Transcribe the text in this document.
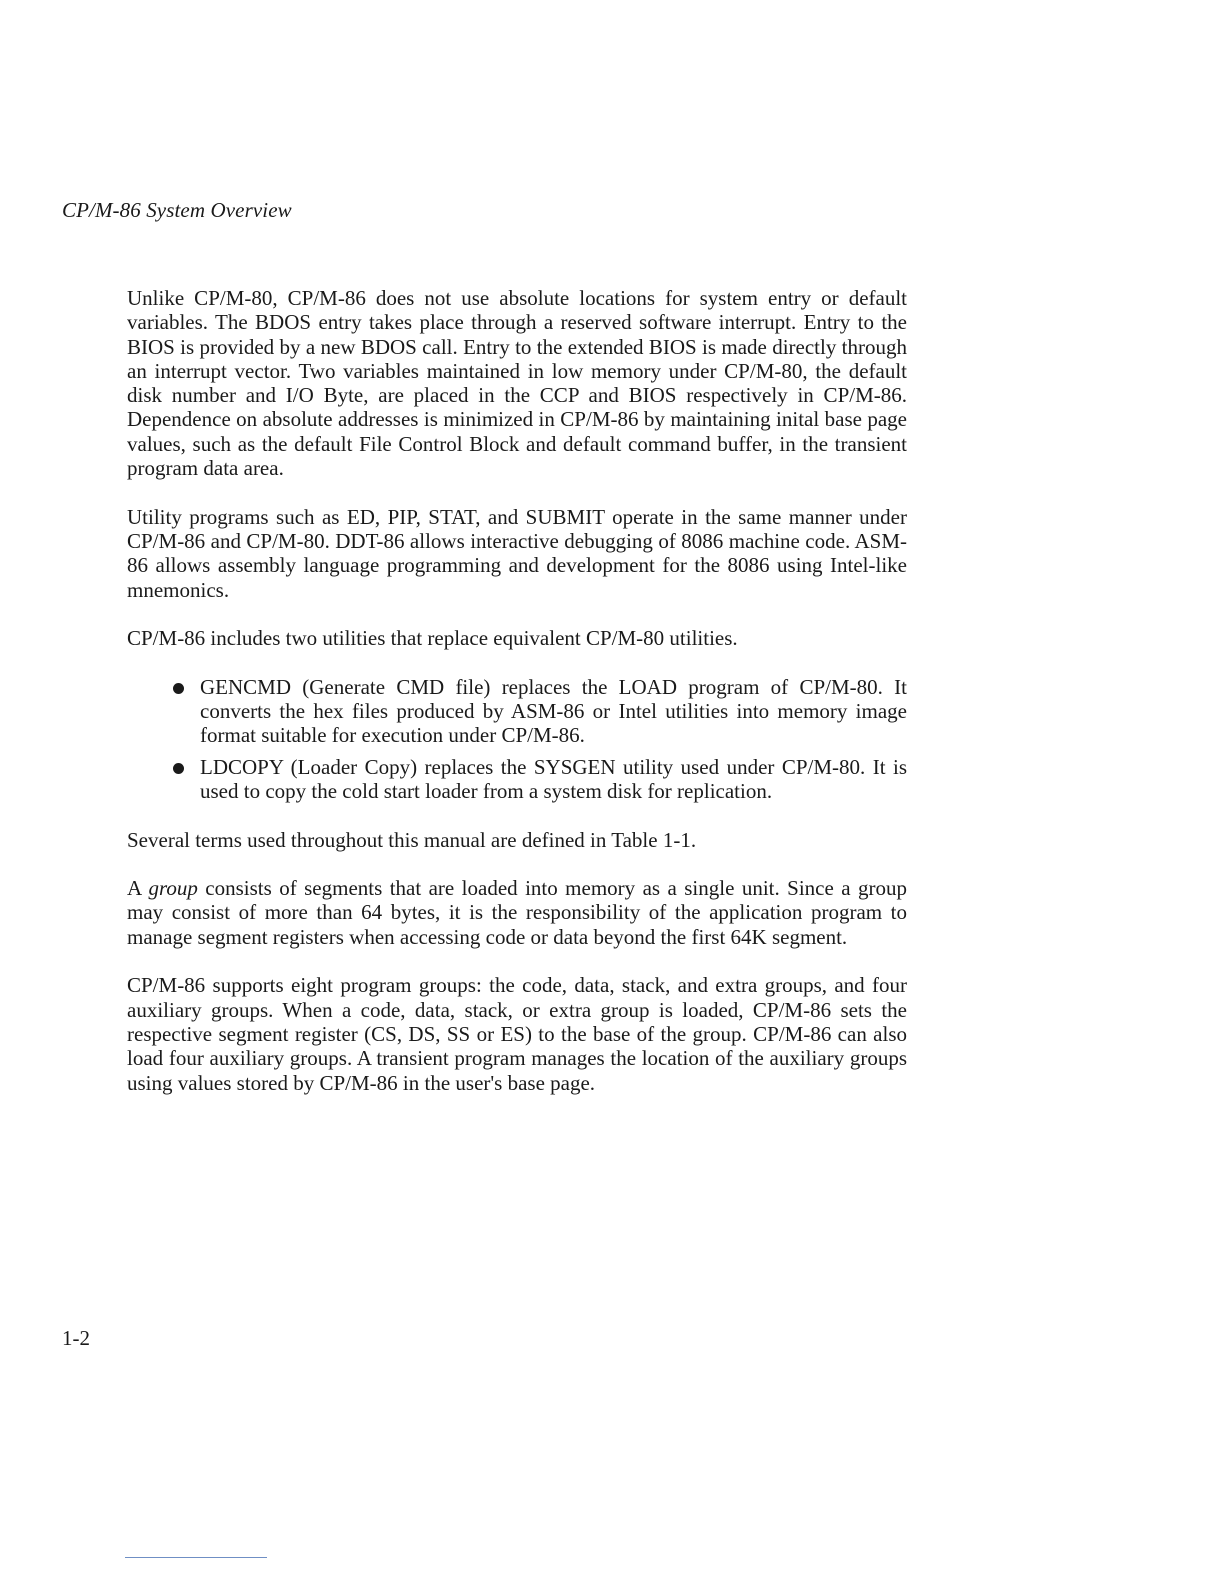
CP/M-86 System Overview

Unlike CP/M-80, CP/M-86 does not use absolute locations for system entry or default variables. The BDOS entry takes place through a reserved software interrupt. Entry to the BIOS is provided by a new BDOS call. Entry to the extended BIOS is made directly through an interrupt vector. Two variables maintained in low memory under CP/M-80, the default disk number and I/O Byte, are placed in the CCP and BIOS respectively in CP/M-86. Dependence on absolute addresses is minimized in CP/M-86 by maintaining inital base page values, such as the default File Control Block and default command buffer, in the transient program data area.

Utility programs such as ED, PIP, STAT, and SUBMIT operate in the same manner under CP/M-86 and CP/M-80. DDT-86 allows interactive debugging of 8086 machine code. ASM-86 allows assembly language programming and development for the 8086 using Intel-like mnemonics.

CP/M-86 includes two utilities that replace equivalent CP/M-80 utilities.

GENCMD (Generate CMD file) replaces the LOAD program of CP/M-80. It converts the hex files produced by ASM-86 or Intel utilities into memory image format suitable for execution under CP/M-86.
LDCOPY (Loader Copy) replaces the SYSGEN utility used under CP/M-80. It is used to copy the cold start loader from a system disk for replication.

Several terms used throughout this manual are defined in Table 1-1.

A group consists of segments that are loaded into memory as a single unit. Since a group may consist of more than 64 bytes, it is the responsibility of the application program to manage segment registers when accessing code or data beyond the first 64K segment.

CP/M-86 supports eight program groups: the code, data, stack, and extra groups, and four auxiliary groups. When a code, data, stack, or extra group is loaded, CP/M-86 sets the respective segment register (CS, DS, SS or ES) to the base of the group. CP/M-86 can also load four auxiliary groups. A transient program manages the location of the auxiliary groups using values stored by CP/M-86 in the user's base page.

1-2
